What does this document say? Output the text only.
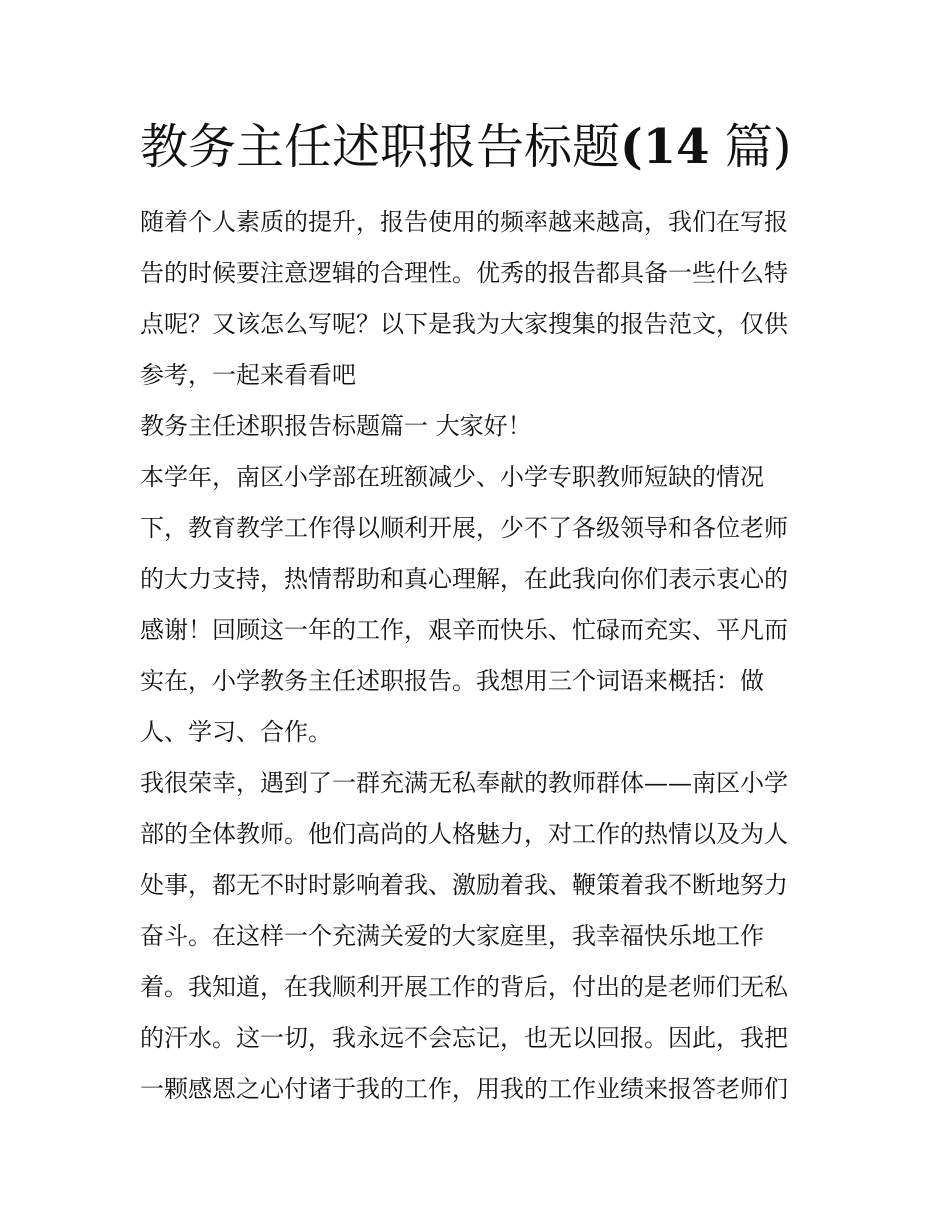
教务主任述职报告标题(14 篇)
随着个人素质的提升，报告使用的频率越来越高，我们在写报
告的时候要注意逻辑的合理性。优秀的报告都具备一些什么特
点呢？又该怎么写呢？以下是我为大家搜集的报告范文，仅供
参考，一起来看看吧
教务主任述职报告标题篇一 大家好！
本学年，南区小学部在班额减少、小学专职教师短缺的情况
下，教育教学工作得以顺利开展，少不了各级领导和各位老师
的大力支持，热情帮助和真心理解，在此我向你们表示衷心的
感谢！回顾这一年的工作，艰辛而快乐、忙碌而充实、平凡而
实在，小学教务主任述职报告。我想用三个词语来概括：做
人、学习、合作。
我很荣幸，遇到了一群充满无私奉献的教师群体——南区小学
部的全体教师。他们高尚的人格魅力，对工作的热情以及为人
处事，都无不时时影响着我、激励着我、鞭策着我不断地努力
奋斗。在这样一个充满关爱的大家庭里，我幸福快乐地工作
着。我知道，在我顺利开展工作的背后，付出的是老师们无私
的汗水。这一切，我永远不会忘记，也无以回报。因此，我把
一颗感恩之心付诸于我的工作，用我的工作业绩来报答老师们
